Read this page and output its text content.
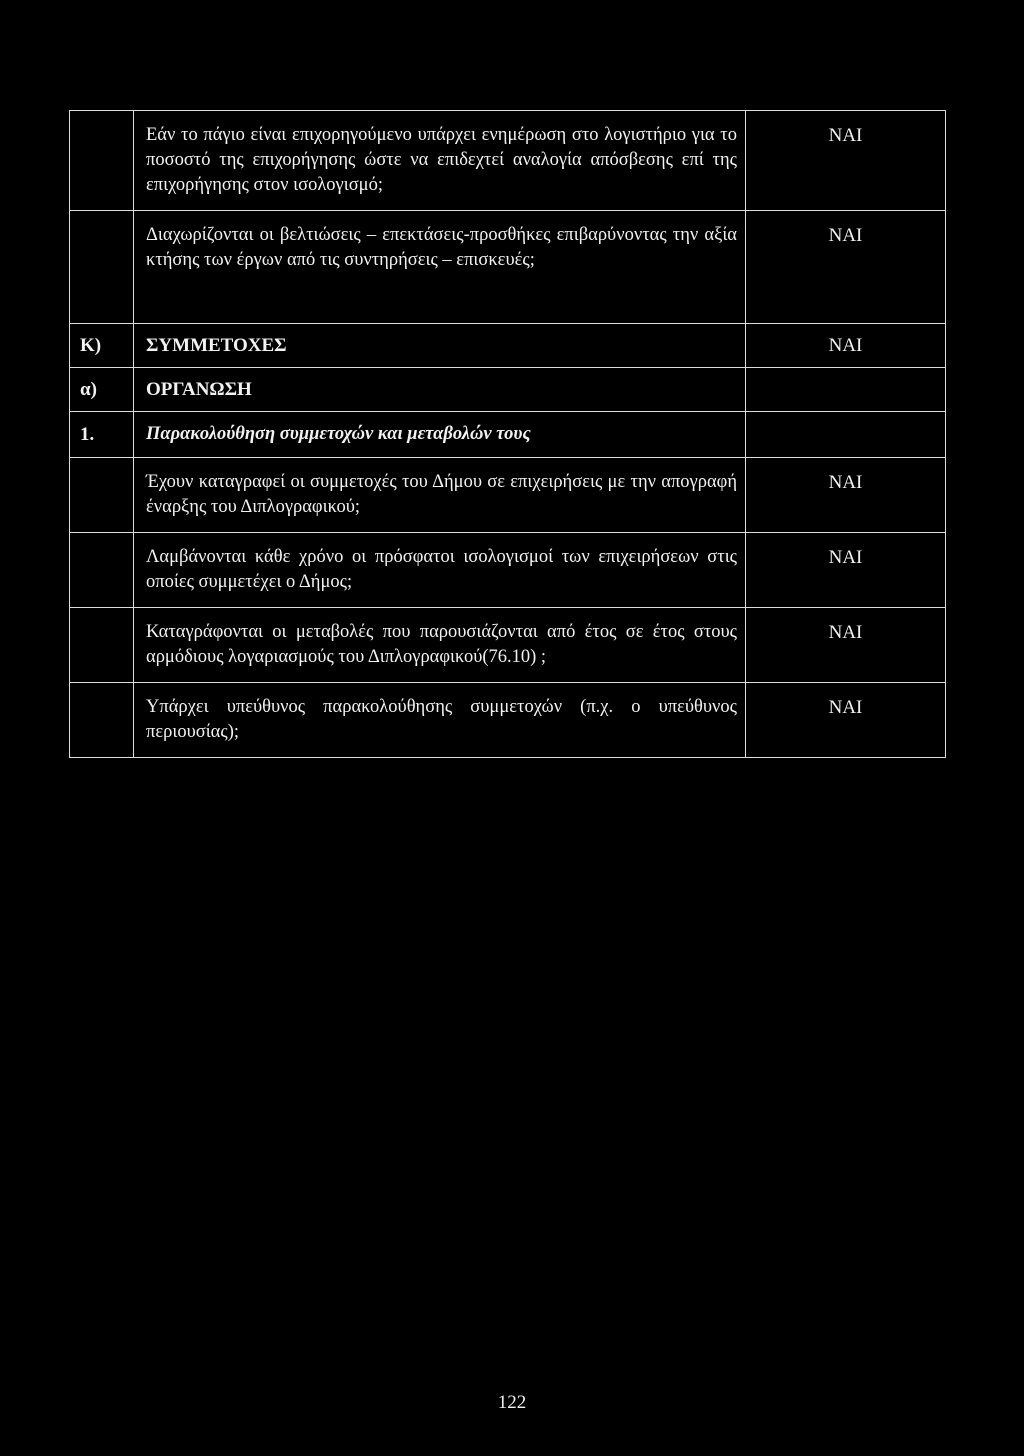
	Εάν το πάγιο είναι επιχορηγούμενο υπάρχει ενημέρωση στο λογιστήριο για το ποσοστό της επιχορήγησης ώστε να επιδεχτεί αναλογία απόσβεσης επί της επιχορήγησης στον ισολογισμό;	ΝΑΙ
	Διαχωρίζονται οι βελτιώσεις – επεκτάσεις-προσθήκες επιβαρύνοντας την αξία κτήσης των έργων από τις συντηρήσεις – επισκευές;	ΝΑΙ
Κ)	ΣΥΜΜΕΤΟΧΕΣ	ΝΑΙ
α)	ΟΡΓΑΝΩΣΗ	
1.	Παρακολούθηση συμμετοχών και μεταβολών τους	
	Έχουν καταγραφεί οι συμμετοχές του Δήμου σε επιχειρήσεις με την απογραφή έναρξης του Διπλογραφικού;	ΝΑΙ
	Λαμβάνονται κάθε χρόνο οι πρόσφατοι ισολογισμοί των επιχειρήσεων στις οποίες συμμετέχει ο Δήμος;	ΝΑΙ
	Καταγράφονται οι μεταβολές που παρουσιάζονται από έτος σε έτος στους αρμόδιους λογαριασμούς του Διπλογραφικού(76.10) ;	ΝΑΙ
	Υπάρχει υπεύθυνος παρακολούθησης συμμετοχών (π.χ. ο υπεύθυνος περιουσίας);	ΝΑΙ
122
